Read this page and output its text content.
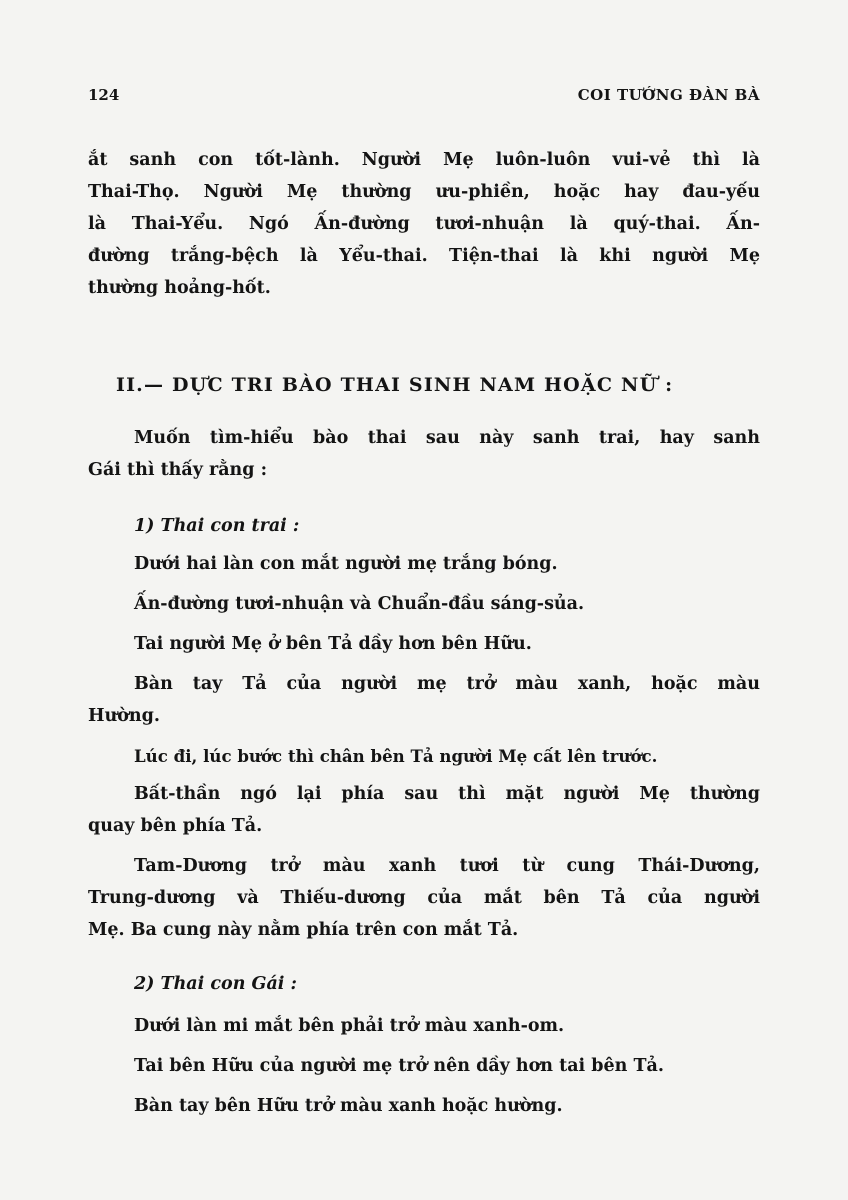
124	COI TƯỚNG ĐÀN BÀ
ắt sanh con tốt-lành. Người Mẹ luôn-luôn vui-vẻ thì là
Thai-Thọ. Người Mẹ thường ưu-phiền, hoặc hay đau-yếu
là Thai-Yểu. Ngó Ấn-đường tươi-nhuận là quý-thai. Ấn-
đường trắng-bệch là Yểu-thai. Tiện-thai là khi người Mẹ
thường hoảng-hốt.
II.— DỰC TRI BÀO THAI SINH NAM HOẶC NỮ :
Muốn tìm-hiểu bào thai sau này sanh trai, hay sanh
Gái thì thấy rằng :
1) Thai con trai :
Dưới hai làn con mắt người mẹ trắng bóng.
Ấn-đường tươi-nhuận và Chuẩn-đầu sáng-sủa.
Tai người Mẹ ở bên Tả dầy hơn bên Hữu.
Bàn tay Tả của người mẹ trở màu xanh, hoặc màu
Hường.
Lúc đi, lúc bước thì chân bên Tả người Mẹ cất lên trước.
Bất-thần ngó lại phía sau thì mặt người Mẹ thường
quay bên phía Tả.
Tam-Dương trở màu xanh tươi từ cung Thái-Dương,
Trung-dương và Thiếu-dương của mắt bên Tả của người
Mẹ. Ba cung này nằm phía trên con mắt Tả.
2) Thai con Gái :
Dưới làn mi mắt bên phải trở màu xanh-om.
Tai bên Hữu của người mẹ trở nên dầy hơn tai bên Tả.
Bàn tay bên Hữu trở màu xanh hoặc hường.
